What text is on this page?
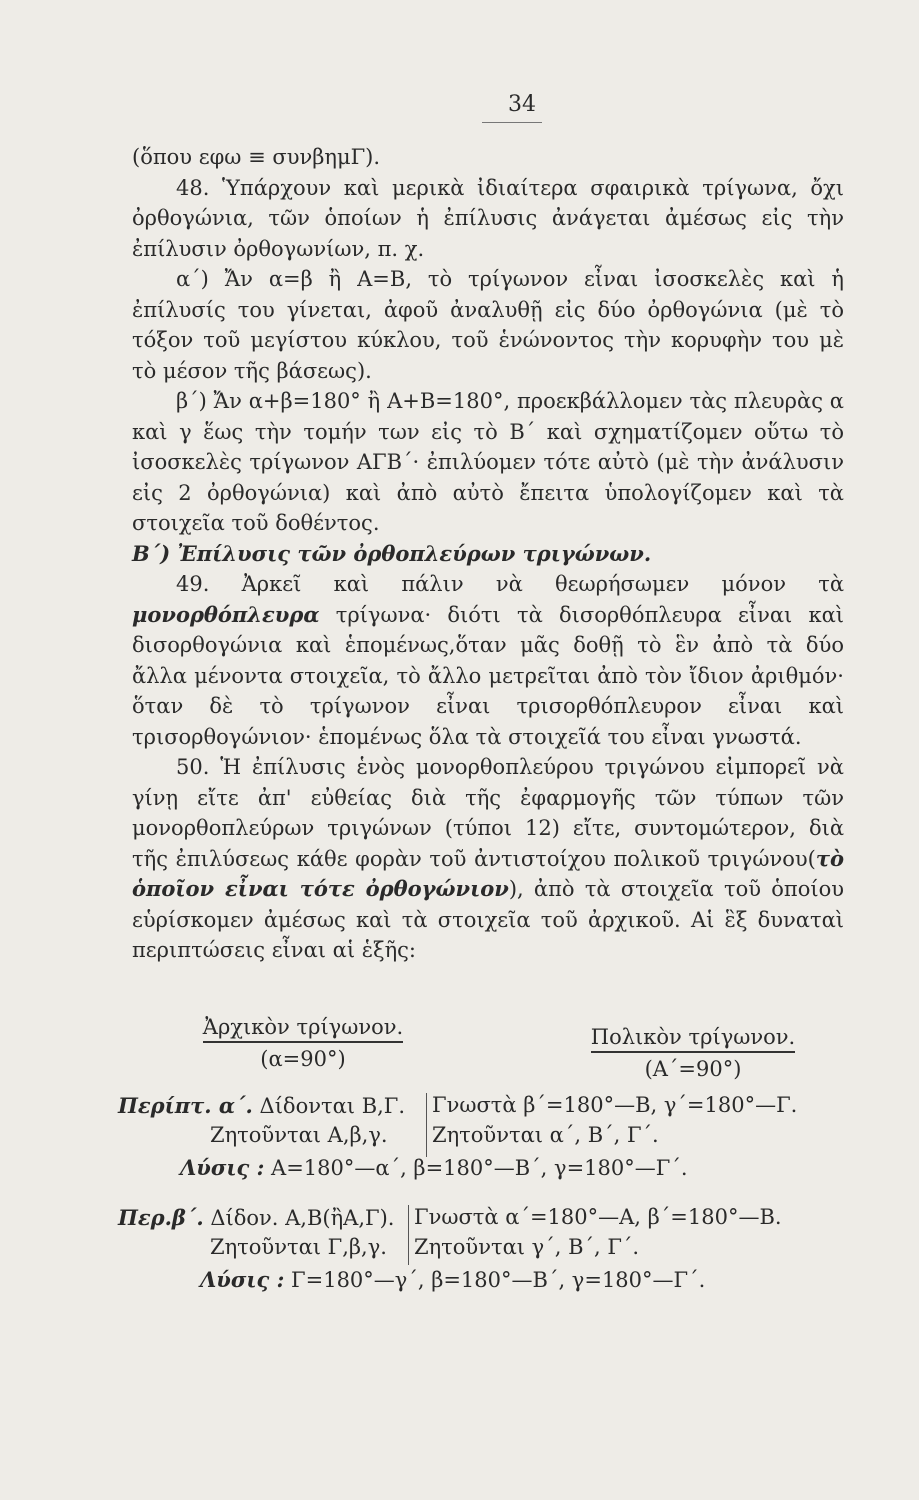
34

(ὅπου εφω ≡ συνβημΓ).

48. Ὑπάρχουν καὶ μερικὰ ἰδιαίτερα σφαιρικὰ τρίγωνα, ὄχι ὀρθογώνια, τῶν ὁποίων ἡ ἐπίλυσις ἀνάγεται ἀμέσως εἰς τὴν ἐπίλυσιν ὀρθογωνίων, π. χ.

α΄) Ἄν α=β ἢ Α=Β, τὸ τρίγωνον εἶναι ἰσοσκελὲς καὶ ἡ ἐπίλυσίς του γίνεται, ἀφοῦ ἀναλυθῇ εἰς δύο ὀρθογώνια (μὲ τὸ τόξον τοῦ μεγίστου κύκλου, τοῦ ἑνώνοντος τὴν κορυφὴν του μὲ τὸ μέσον τῆς βάσεως).

β΄) Ἄν α+β=180° ἢ Α+Β=180°, προεκβάλλομεν τὰς πλευρὰς α καὶ γ ἕως τὴν τομήν των εἰς τὸ Β΄ καὶ σχηματίζομεν οὕτω τὸ ἰσοσκελὲς τρίγωνον ΑΓΒ΄· ἐπιλύομεν τότε αὐτὸ (μὲ τὴν ἀνάλυσιν εἰς 2 ὀρθογώνια) καὶ ἀπὸ αὐτὸ ἔπειτα ὑπολογίζομεν καὶ τὰ στοιχεῖα τοῦ δοθέντος.

Β΄) Ἐπίλυσις τῶν ὀρθοπλεύρων τριγώνων.

49. Ἀρκεῖ καὶ πάλιν νὰ θεωρήσωμεν μόνον τὰ μονορθόπλευρα τρίγωνα· διότι τὰ δισορθόπλευρα εἶναι καὶ δισορθογώνια καὶ ἑπομένως,ὅταν μᾶς δοθῇ τὸ ἓν ἀπὸ τὰ δύο ἄλλα μένοντα στοιχεῖα, τὸ ἄλλο μετρεῖται ἀπὸ τὸν ἴδιον ἀριθμόν· ὅταν δὲ τὸ τρίγωνον εἶναι τρισορθόπλευρον εἶναι καὶ τρισορθογώνιον· ἑπομένως ὅλα τὰ στοιχεῖά του εἶναι γνωστά.

50. Ἡ ἐπίλυσις ἑνὸς μονορθοπλεύρου τριγώνου εἰμπορεῖ νὰ γίνῃ εἴτε ἀπ' εὐθείας διὰ τῆς ἐφαρμογῆς τῶν τύπων τῶν μονορθοπλεύρων τριγώνων (τύποι 12) εἴτε, συντομώτερον, διὰ τῆς ἐπιλύσεως κάθε φορὰν τοῦ ἀντιστοίχου πολικοῦ τριγώνου(τὸ ὁποῖον εἶναι τότε ὀρθογώνιον), ἀπὸ τὰ στοιχεῖα τοῦ ὁποίου εὑρίσκομεν ἀμέσως καὶ τὰ στοιχεῖα τοῦ ἀρχικοῦ. Αἱ ἓξ δυναταὶ περιπτώσεις εἶναι αἱ ἑξῆς:

Ἀρχικὸν τρίγωνον.
(α=90°)
Πολικὸν τρίγωνον.
(Α΄=90°)
Περίπτ. α΄. Δίδονται Β,Γ. Γνωστὰ β΄=180°—Β, γ΄=180°—Γ.
Ζητοῦνται Α,β,γ. Ζητοῦνται α΄, Β΄, Γ΄.
Λύσις : Α=180°—α΄, β=180°—Β΄, γ=180°—Γ΄.
Περ.β΄. Δίδον. Α,Β(ἢΑ,Γ). Γνωστὰ α΄=180°—Α, β΄=180°—Β.
Ζητοῦνται Γ,β,γ. Ζητοῦνται γ΄, Β΄, Γ΄.
Λύσις : Γ=180°—γ΄, β=180°—Β΄, γ=180°—Γ΄.
